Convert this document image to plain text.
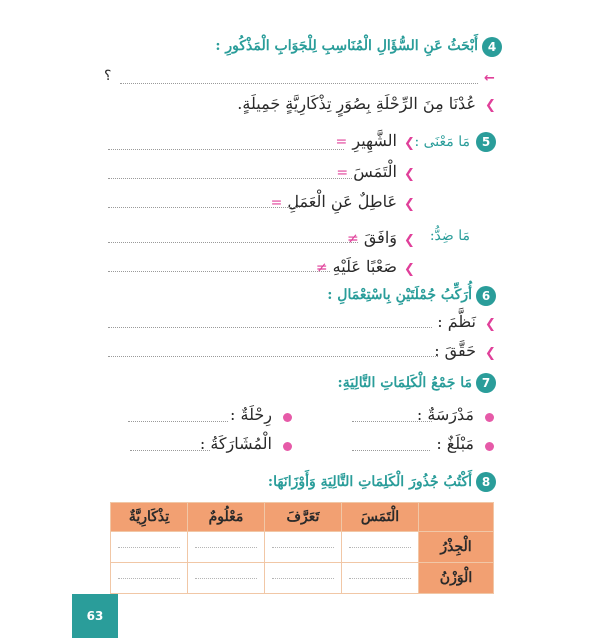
4
أَبْحَثُ عَنِ السُّؤَالِ الْمُنَاسِبِ لِلْجَوَابِ الْمَذْكُورِ :
←
؟
❮
عُدْنَا مِنَ الرِّحْلَةِ بِصُوَرٍ تِذْكَارِيَّةٍ جَمِيلَةٍ.
5
مَا مَعْنَى :
❮
الشَّهِيرِ =
❮
الْتَمَسَ =
❮
عَاطِلٌ عَنِ الْعَمَلِ =
مَا ضِدُّ:
❮
وَافَقَ ≠
❮
صَعْبًا عَلَيْهِ ≠
6
أُرَكِّبُ جُمْلَتَيْنِ بِاسْتِعْمَالِ :
❮
نَظَّمَ :
❮
حَقَّقَ :
7
مَا جَمْعُ الْكَلِمَاتِ التَّالِيَةِ:
مَدْرَسَةٌ :
رِحْلَةٌ :
مَبْلَغٌ :
الْمُشَارَكَةُ :
8
أَكْتُبُ جُذُورَ الْكَلِمَاتِ التَّالِيَةِ وَأَوْزَانَهَا:
	الْتَمَسَ	تَعَرَّفَ	مَعْلُومٌ	تِذْكَارِيَّةٌ
الْجِذْرُ				
الْوَزْنُ				
63
